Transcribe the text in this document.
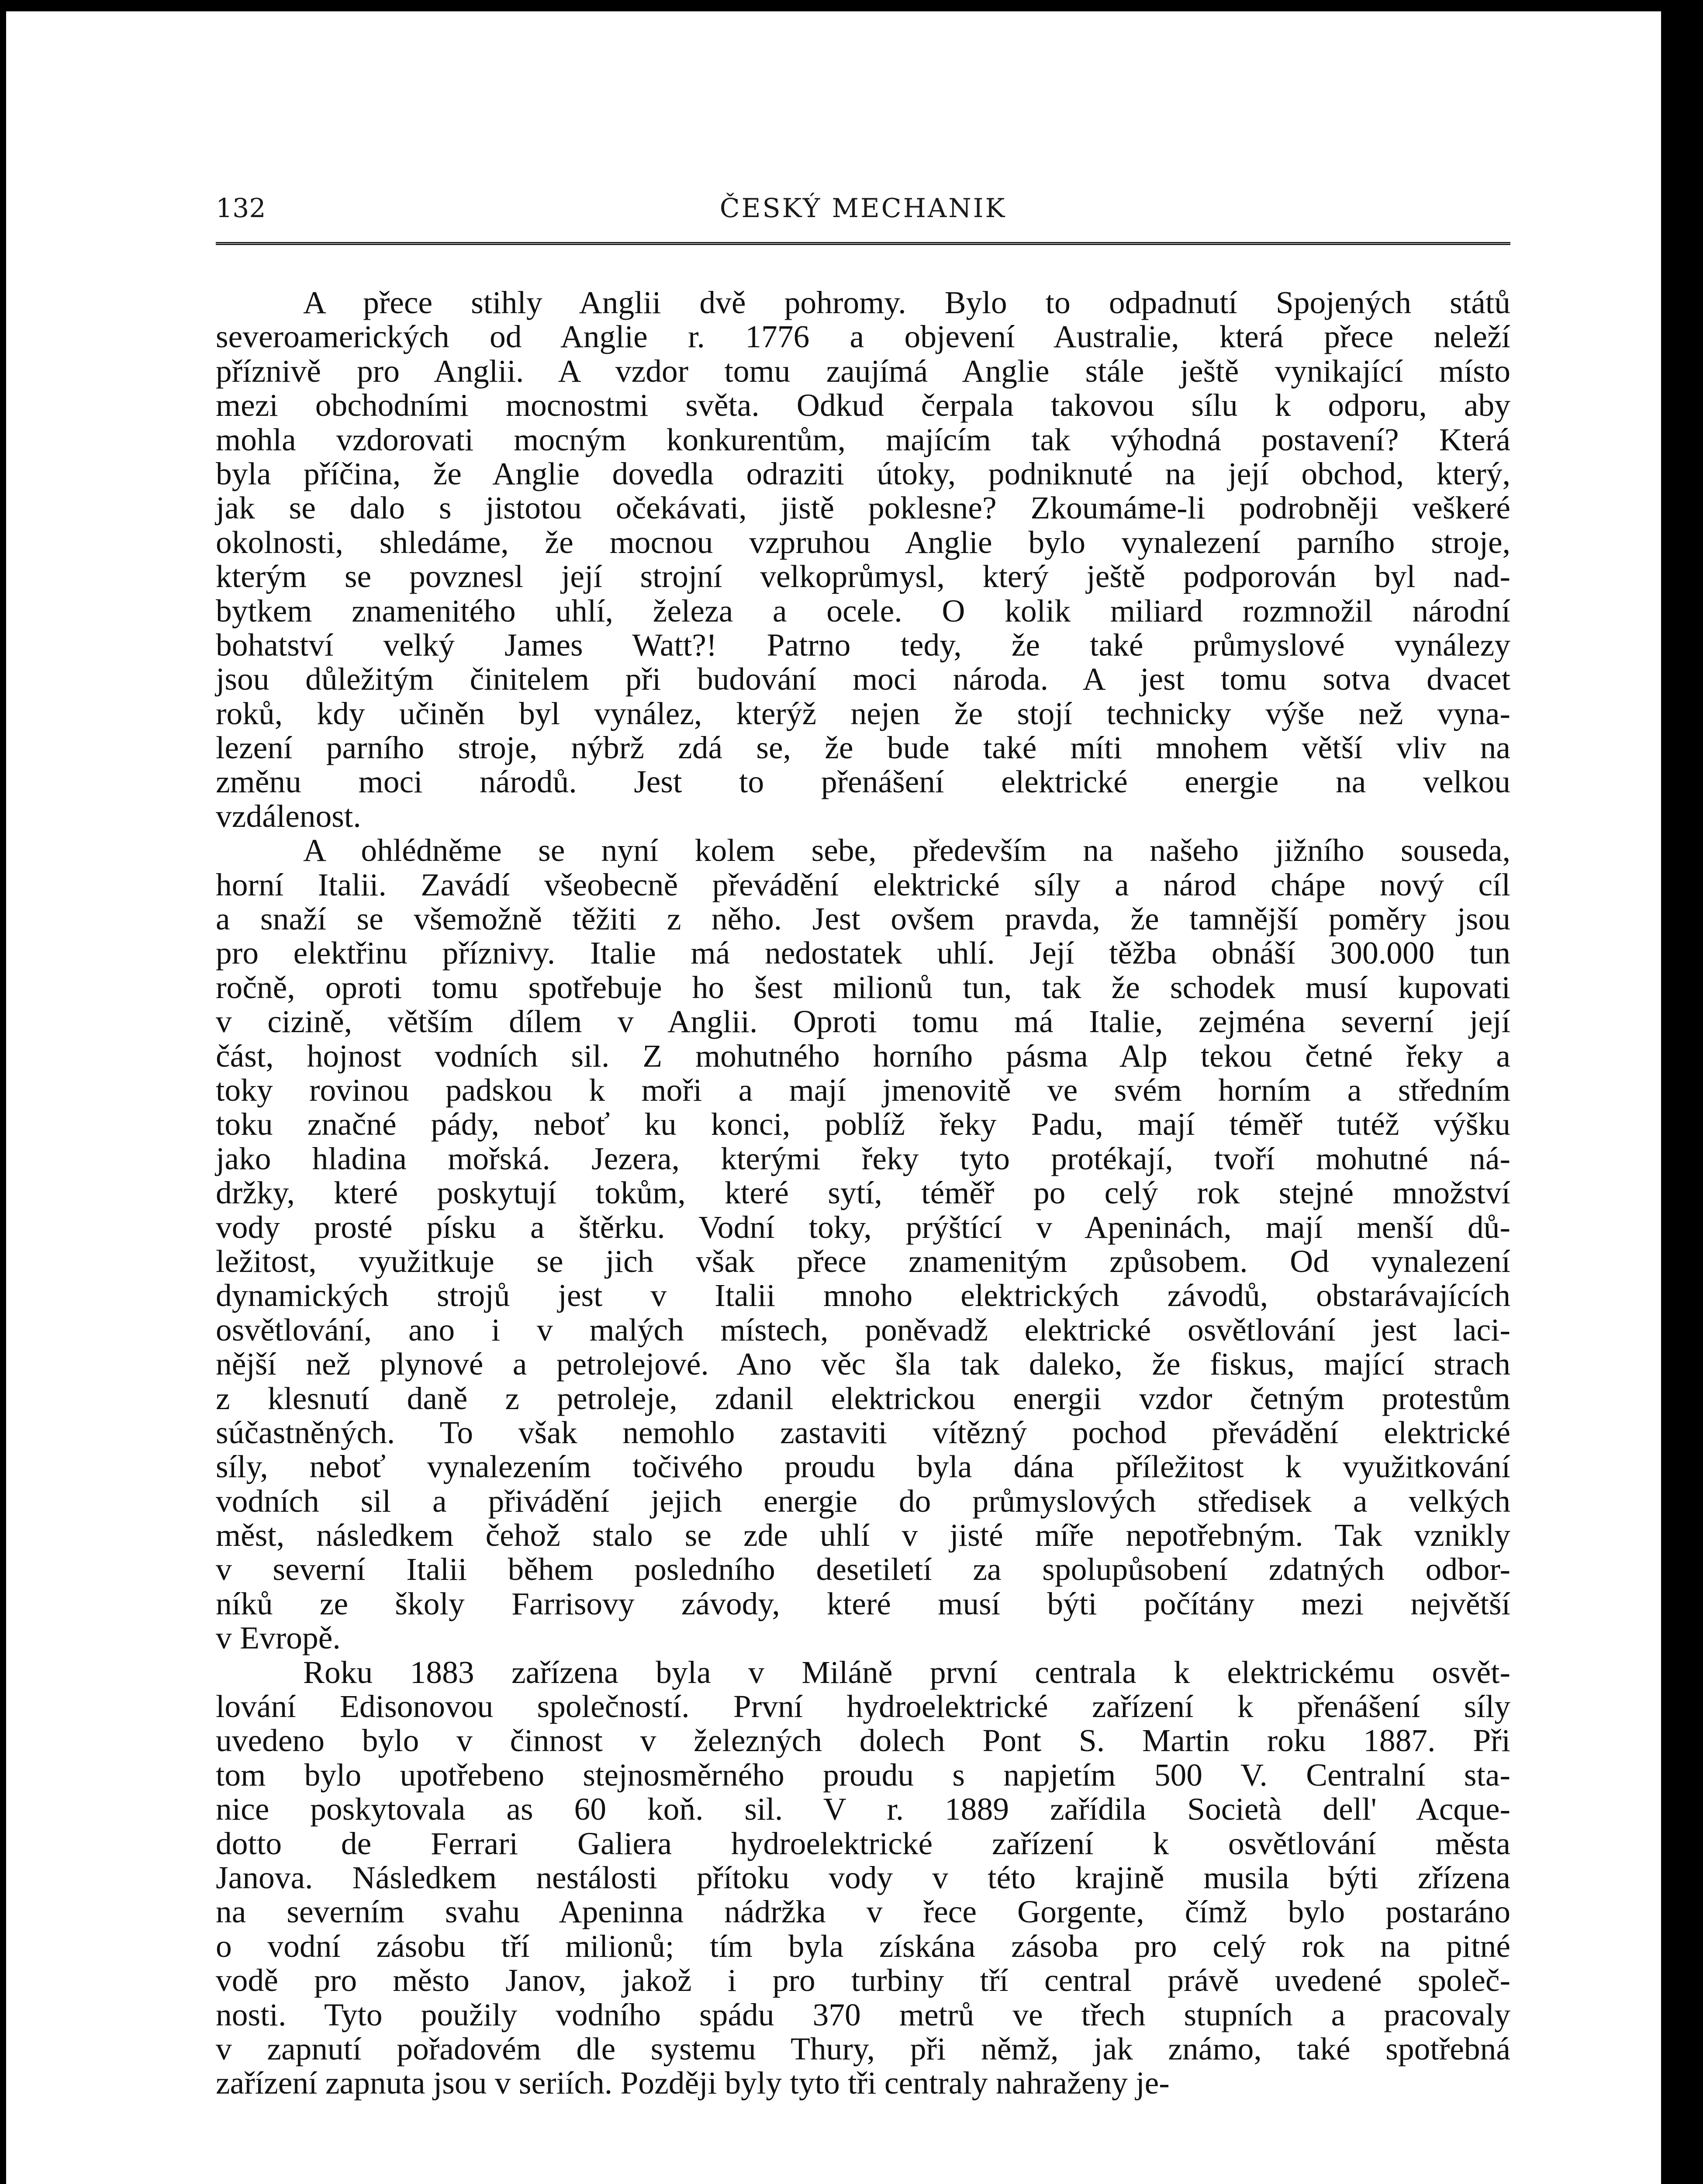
132	ČESKÝ MECHANIK
A přece stihly Anglii dvě pohromy. Bylo to odpadnutí Spojených států
severoamerických od Anglie r. 1776 a objevení Australie, která přece neleží
příznivě pro Anglii. A vzdor tomu zaujímá Anglie stále ještě vynikající místo
mezi obchodními mocnostmi světa. Odkud čerpala takovou sílu k odporu, aby
mohla vzdorovati mocným konkurentům, majícím tak výhodná postavení? Která
byla příčina, že Anglie dovedla odraziti útoky, podniknuté na její obchod, který,
jak se dalo s jistotou očekávati, jistě poklesne? Zkoumáme-li podrobněji veškeré
okolnosti, shledáme, že mocnou vzpruhou Anglie bylo vynalezení parního stroje,
kterým se povznesl její strojní velkoprůmysl, který ještě podporován byl nad-
bytkem znamenitého uhlí, železa a ocele. O kolik miliard rozmnožil národní
bohatství velký James Watt?! Patrno tedy, že také průmyslové vynálezy
jsou důležitým činitelem při budování moci národa. A jest tomu sotva dvacet
roků, kdy učiněn byl vynález, kterýž nejen že stojí technicky výše než vyna-
lezení parního stroje, nýbrž zdá se, že bude také míti mnohem větší vliv na
změnu moci národů. Jest to přenášení elektrické energie na velkou
vzdálenost.
A ohlédněme se nyní kolem sebe, především na našeho jižního souseda,
horní Italii. Zavádí všeobecně převádění elektrické síly a národ chápe nový cíl
a snaží se všemožně těžiti z něho. Jest ovšem pravda, že tamnější poměry jsou
pro elektřinu příznivy. Italie má nedostatek uhlí. Její těžba obnáší 300.000 tun
ročně, oproti tomu spotřebuje ho šest milionů tun, tak že schodek musí kupovati
v cizině, větším dílem v Anglii. Oproti tomu má Italie, zejména severní její
část, hojnost vodních sil. Z mohutného horního pásma Alp tekou četné řeky a
toky rovinou padskou k moři a mají jmenovitě ve svém horním a středním
toku značné pády, neboť ku konci, poblíž řeky Padu, mají téměř tutéž výšku
jako hladina mořská. Jezera, kterými řeky tyto protékají, tvoří mohutné ná-
držky, které poskytují tokům, které sytí, téměř po celý rok stejné množství
vody prosté písku a štěrku. Vodní toky, prýštící v Apeninách, mají menší dů-
ležitost, využitkuje se jich však přece znamenitým způsobem. Od vynalezení
dynamických strojů jest v Italii mnoho elektrických závodů, obstarávajících
osvětlování, ano i v malých místech, poněvadž elektrické osvětlování jest laci-
nější než plynové a petrolejové. Ano věc šla tak daleko, že fiskus, mající strach
z klesnutí daně z petroleje, zdanil elektrickou energii vzdor četným protestům
súčastněných. To však nemohlo zastaviti vítězný pochod převádění elektrické
síly, neboť vynalezením točivého proudu byla dána příležitost k využitkování
vodních sil a přivádění jejich energie do průmyslových středisek a velkých
měst, následkem čehož stalo se zde uhlí v jisté míře nepotřebným. Tak vznikly
v severní Italii během posledního desetiletí za spolupůsobení zdatných odbor-
níků ze školy Farrisovy závody, které musí býti počítány mezi největší
v Evropě.
Roku 1883 zařízena byla v Miláně první centrala k elektrickému osvět-
lování Edisonovou společností. První hydroelektrické zařízení k přenášení síly
uvedeno bylo v činnost v železných dolech Pont S. Martin roku 1887. Při
tom bylo upotřebeno stejnosměrného proudu s napjetím 500 V. Centralní sta-
nice poskytovala as 60 koň. sil. V r. 1889 zařídila Società dell' Acque-
dotto de Ferrari Galiera hydroelektrické zařízení k osvětlování města
Janova. Následkem nestálosti přítoku vody v této krajině musila býti zřízena
na severním svahu Apeninna nádržka v řece Gorgente, čímž bylo postaráno
o vodní zásobu tří milionů; tím byla získána zásoba pro celý rok na pitné
vodě pro město Janov, jakož i pro turbiny tří central právě uvedené společ-
nosti. Tyto použily vodního spádu 370 metrů ve třech stupních a pracovaly
v zapnutí pořadovém dle systemu Thury, při němž, jak známo, také spotřebná
zařízení zapnuta jsou v seriích. Později byly tyto tři centraly nahraženy je-
